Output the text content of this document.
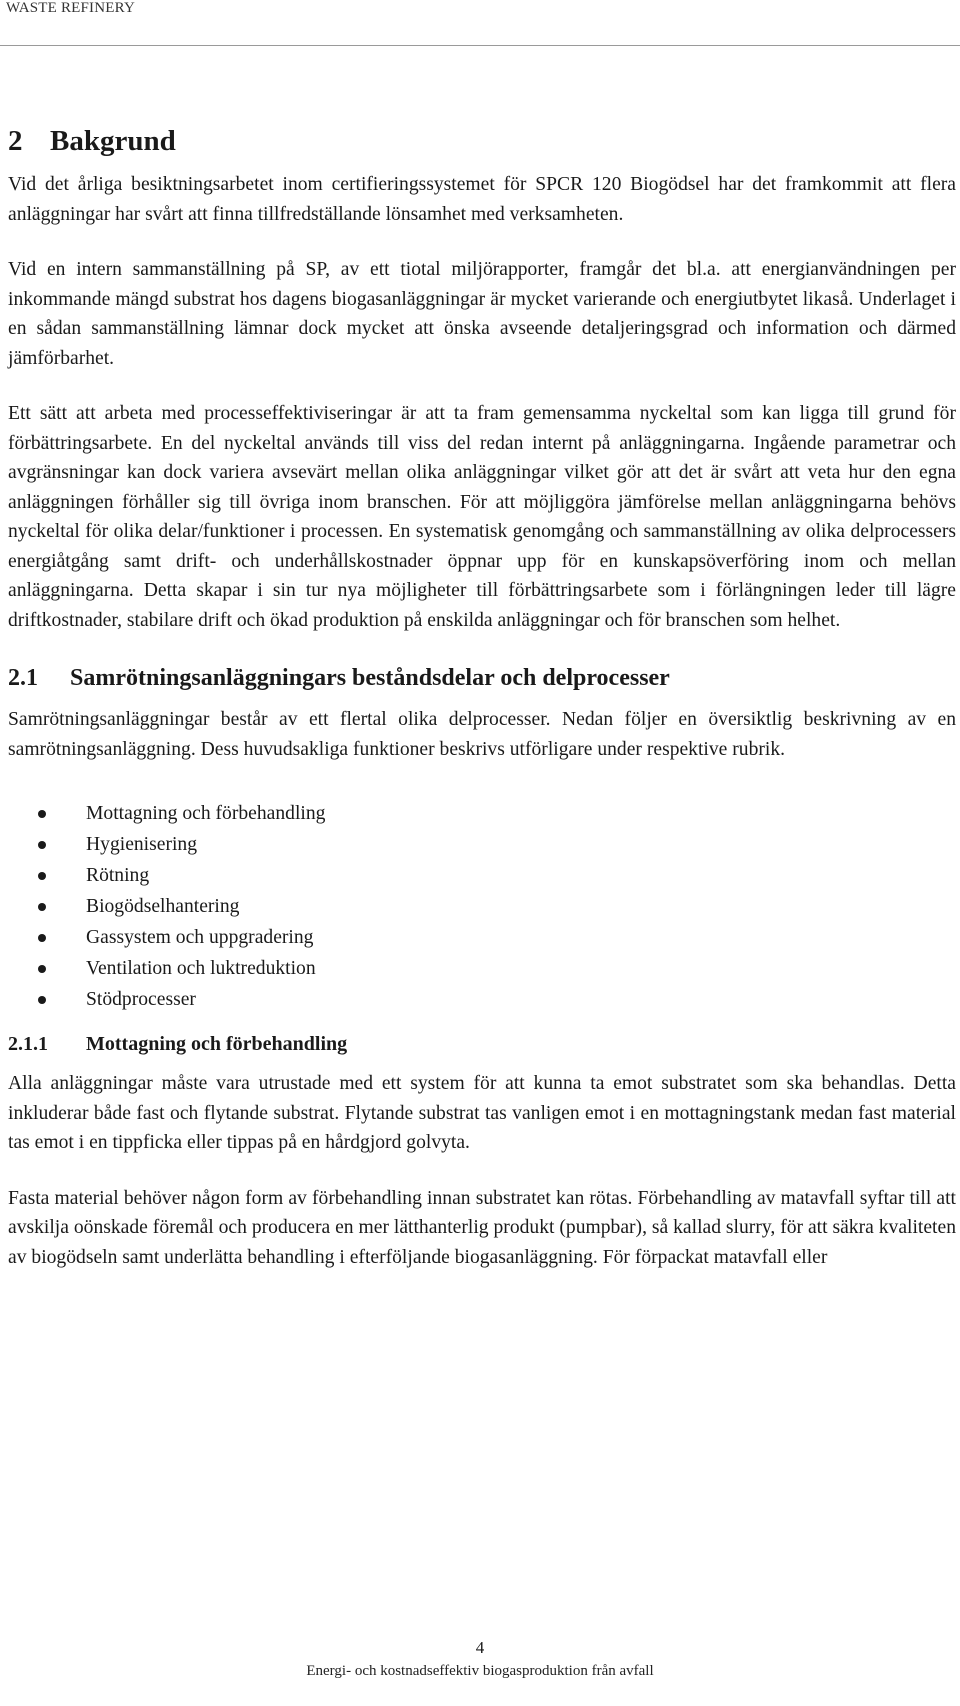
WASTE REFINERY
2 Bakgrund

Vid det årliga besiktningsarbetet inom certifieringssystemet för SPCR 120 Biogödsel har det framkommit att flera anläggningar har svårt att finna tillfredställande lönsamhet med verksamheten.

Vid en intern sammanställning på SP, av ett tiotal miljörapporter, framgår det bl.a. att energianvändningen per inkommande mängd substrat hos dagens biogasanläggningar är mycket varierande och energiutbytet likaså. Underlaget i en sådan sammanställning lämnar dock mycket att önska avseende detaljeringsgrad och information och därmed jämförbarhet.

Ett sätt att arbeta med processeffektiviseringar är att ta fram gemensamma nyckeltal som kan ligga till grund för förbättringsarbete. En del nyckeltal används till viss del redan internt på anläggningarna. Ingående parametrar och avgränsningar kan dock variera avsevärt mellan olika anläggningar vilket gör att det är svårt att veta hur den egna anläggningen förhåller sig till övriga inom branschen. För att möjliggöra jämförelse mellan anläggningarna behövs nyckeltal för olika delar/funktioner i processen. En systematisk genomgång och sammanställning av olika delprocessers energiåtgång samt drift- och underhållskostnader öppnar upp för en kunskapsöverföring inom och mellan anläggningarna. Detta skapar i sin tur nya möjligheter till förbättringsarbete som i förlängningen leder till lägre driftkostnader, stabilare drift och ökad produktion på enskilda anläggningar och för branschen som helhet.

2.1 Samrötningsanläggningars beståndsdelar och delprocesser

Samrötningsanläggningar består av ett flertal olika delprocesser. Nedan följer en översiktlig beskrivning av en samrötningsanläggning. Dess huvudsakliga funktioner beskrivs utförligare under respektive rubrik.

Mottagning och förbehandling
Hygienisering
Rötning
Biogödselhantering
Gassystem och uppgradering
Ventilation och luktreduktion
Stödprocesser
2.1.1 Mottagning och förbehandling

Alla anläggningar måste vara utrustade med ett system för att kunna ta emot substratet som ska behandlas. Detta inkluderar både fast och flytande substrat. Flytande substrat tas vanligen emot i en mottagningstank medan fast material tas emot i en tippficka eller tippas på en hårdgjord golvyta.

Fasta material behöver någon form av förbehandling innan substratet kan rötas. Förbehandling av matavfall syftar till att avskilja oönskade föremål och producera en mer lätthanterlig produkt (pumpbar), så kallad slurry, för att säkra kvaliteten av biogödseln samt underlätta behandling i efterföljande biogasanläggning. För förpackat matavfall eller

4
Energi- och kostnadseffektiv biogasproduktion från avfall
